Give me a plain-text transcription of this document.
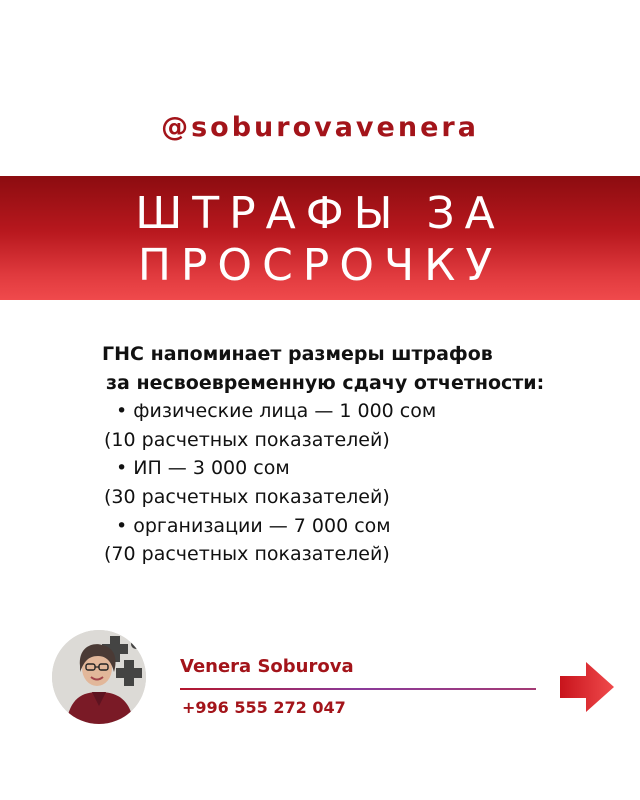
@soburovavenera
ШТРАФЫ ЗА
ПРОСРОЧКУ
ГНС напоминает размеры штрафов
за несвоевременную сдачу отчетности:
• физические лица — 1 000 сом
(10 расчетных показателей)
• ИП — 3 000 сом
(30 расчетных показателей)
• организации — 7 000 сом
(70 расчетных показателей)
Venera Soburova
+996 555 272 047
